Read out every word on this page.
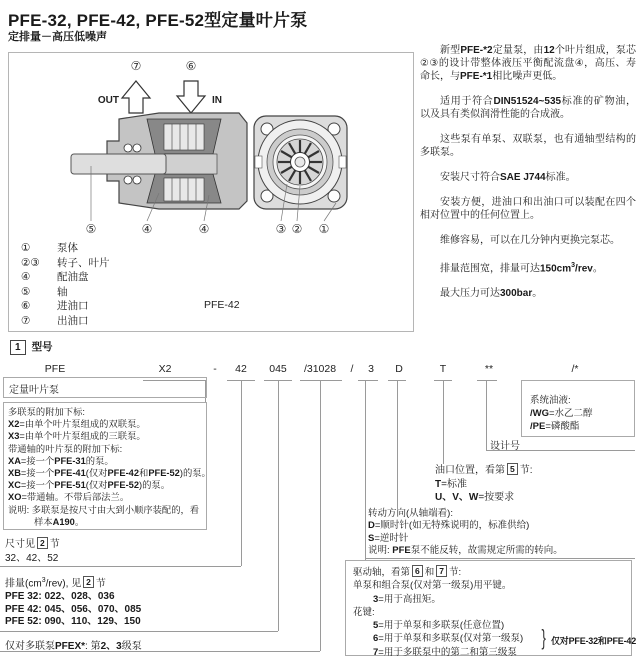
PFE-32, PFE-42, PFE-52型定量叶片泵
定排量－高压低噪声
⑦	⑥
OUT	IN
⑤	④	④	③ ② ①
①	泵体
②③ 转子、叶片
④	配油盘
⑤	轴
⑥	进油口
⑦	出油口
PFE-42

新型PFE-*2定量泵，由12个叶片组成，泵芯②③的设计带整体液压平衡配流盘④，高压、寿命长，与PFE-*1相比噪声更低。

适用于符合DIN51524~535标准的矿物油，以及具有类似润滑性能的合成液。

这些泵有单泵、双联泵，也有通轴型结构的多联泵。

安装尺寸符合SAE J744标准。

安装方便，进油口和出油口可以装配在四个相对位置中的任何位置上。

维修容易，可以在几分钟内更换完泵芯。

排量范围宽，排量可达$150cm^3$/rev。

最大压力可达300bar。

1 型号
PFE	X2	- 42 045 /31028 / 3 D	T	**	/*
定量叶片泵
多联泵的附加下标:
X2=由单个叶片泵组成的双联泵。
X3=由单个叶片泵组成的三联泵。
带通轴的叶片泵的附加下标:
XA=接一个PFE-31的泵。
XB=接一个PFE-41(仅对PFE-42和PFE-52)的泵。
XC=接一个PFE-51(仅对PFE-52)的泵。
XO=带通轴。不带后部法兰。
说明: 多联泵是按尺寸由大到小顺序装配的，看
样本A190。
尺寸见 2 节
32、42、52
排量$(cm^3/rev)$, 见 2 节
PFE 32: 022、028、036
PFE 42: 045、056、070、085
PFE 52: 090、110、129、150
仅对多联泵PFEX*: 第2、3级泵
油口位置，看第 5 节:
T=标准
U、V、W=按要求
转动方向(从轴端看):
D=顺时针(如无特殊说明的，标准供给)
S=逆时针
说明: PFE泵不能反转，故需规定所需的转向。
驱动轴，看第 6 和 7 节:
单泵和组合泵(仅对第一级泵)用平键。
3=用于高扭矩。
花键:
5=用于单泵和多联泵(任意位置)
6=用于单泵和多联泵(仅对第一级泵)
7=用于多联泵中的第二和第三级泵
} 仅对PFE-32和PFE-42
系统油液:
/WG=水乙二醇
/PE=磷酸酯
设计号
